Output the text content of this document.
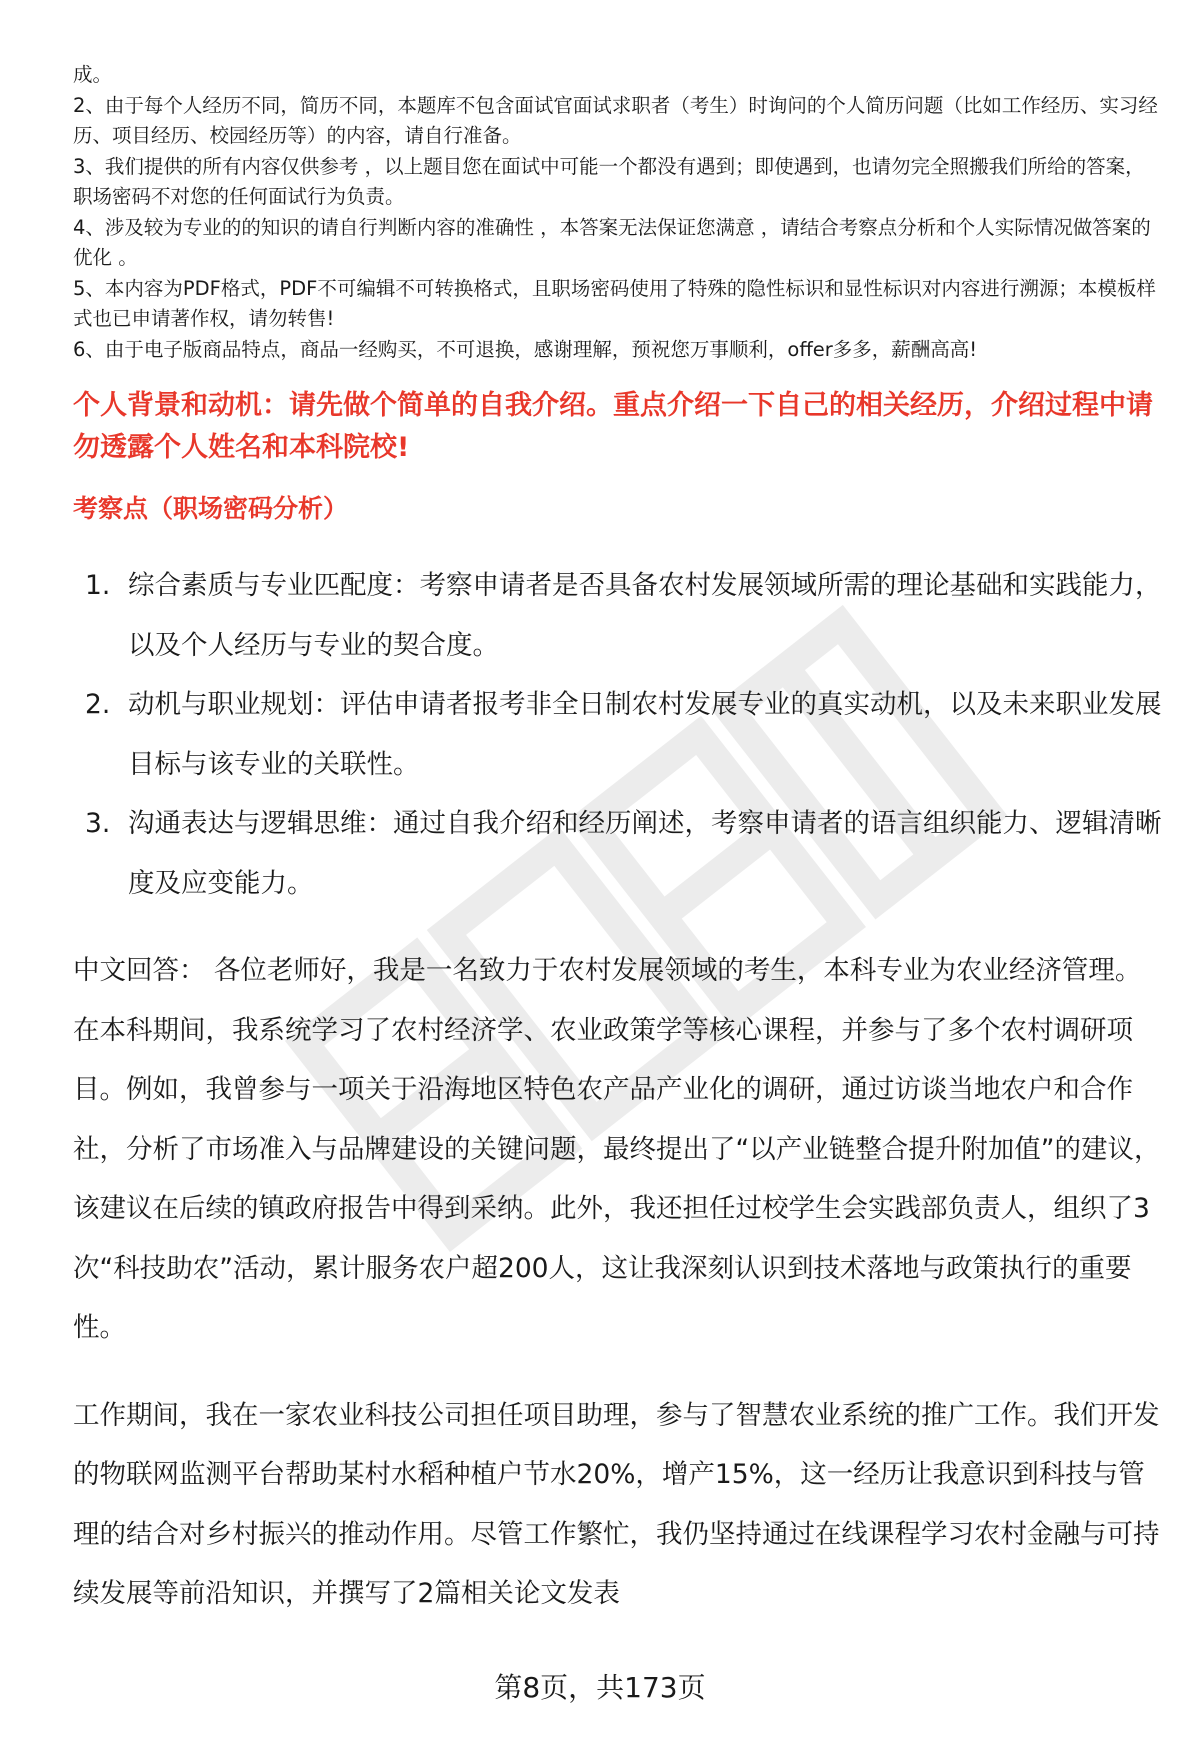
成。

2、由于每个人经历不同，简历不同，本题库不包含面试官面试求职者（考生）时询问的个人简历问题（比如工作经历、实习经历、项目经历、校园经历等）的内容，请自行准备。

3、我们提供的所有内容仅供参考 ，以上题目您在面试中可能一个都没有遇到；即使遇到，也请勿完全照搬我们所给的答案，职场密码不对您的任何面试行为负责。

4、涉及较为专业的的知识的请自行判断内容的准确性 ，本答案无法保证您满意 ，请结合考察点分析和个人实际情况做答案的优化 。

5、本内容为PDF格式，PDF不可编辑不可转换格式，且职场密码使用了特殊的隐性标识和显性标识对内容进行溯源；本模板样式也已申请著作权，请勿转售!

6、由于电子版商品特点，商品一经购买，不可退换，感谢理解，预祝您万事顺利，offer多多，薪酬高高!

个人背景和动机：请先做个简单的自我介绍。重点介绍一下自己的相关经历，介绍过程中请勿透露个人姓名和本科院校!
考察点（职场密码分析）
1. 综合素质与专业匹配度：考察申请者是否具备农村发展领域所需的理论基础和实践能力，以及个人经历与专业的契合度。
2. 动机与职业规划：评估申请者报考非全日制农村发展专业的真实动机，以及未来职业发展目标与该专业的关联性。
3. 沟通表达与逻辑思维：通过自我介绍和经历阐述，考察申请者的语言组织能力、逻辑清晰度及应变能力。

中文回答： 各位老师好，我是一名致力于农村发展领域的考生，本科专业为农业经济管理。在本科期间，我系统学习了农村经济学、农业政策学等核心课程，并参与了多个农村调研项目。例如，我曾参与一项关于沿海地区特色农产品产业化的调研，通过访谈当地农户和合作社，分析了市场准入与品牌建设的关键问题，最终提出了“以产业链整合提升附加值”的建议，该建议在后续的镇政府报告中得到采纳。此外，我还担任过校学生会实践部负责人，组织了3次“科技助农”活动，累计服务农户超200人，这让我深刻认识到技术落地与政策执行的重要性。

工作期间，我在一家农业科技公司担任项目助理，参与了智慧农业系统的推广工作。我们开发的物联网监测平台帮助某村水稻种植户节水20%，增产15%，这一经历让我意识到科技与管理的结合对乡村振兴的推动作用。尽管工作繁忙，我仍坚持通过在线课程学习农村金融与可持续发展等前沿知识，并撰写了2篇相关论文发表

第8页，共173页
